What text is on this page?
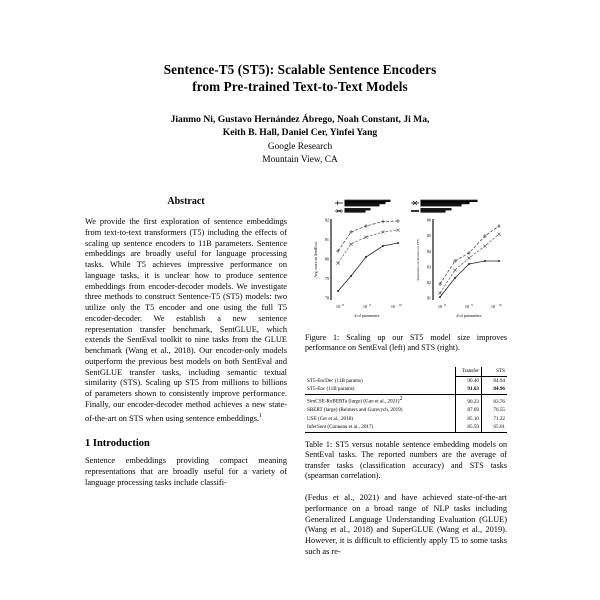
Sentence-T5 (ST5): Scalable Sentence Encoders
from Pre-trained Text-to-Text Models
Jianmo Ni, Gustavo Hernández Ábrego, Noah Constant, Ji Ma,
Keith B. Hall, Daniel Cer, Yinfei Yang
Google Research
Mountain View, CA
Abstract

We provide the first exploration of sentence embeddings from text-to-text transformers (T5) including the effects of scaling up sentence encoders to 11B parameters. Sentence embeddings are broadly useful for language processing tasks. While T5 achieves impressive performance on language tasks, it is unclear how to produce sentence embeddings from encoder-decoder models. We investigate three methods to construct Sentence-T5 (ST5) models: two utilize only the T5 encoder and one using the full T5 encoder-decoder. We establish a new sentence representation transfer benchmark, SentGLUE, which extends the SentEval toolkit to nine tasks from the GLUE benchmark (Wang et al., 2018). Our encoder-only models outperform the previous best models on both SentEval and SentGLUE transfer tasks, including semantic textual similarity (STS). Scaling up ST5 from millions to billions of parameters shown to consistently improve performance. Finally, our encoder-decoder method achieves a new state-of-the-art on STS when using sentence embeddings.$^1$

1 Introduction

Sentence embeddings providing compact meaning representations that are broadly useful for a variety of language processing tasks include classifi-

82
81
80
79
78
Avg. score on SentEval
10 8	10 9	10 10
# of parameters
86
85
84
83
82
81
Spearman correlation on STS
10 8	10 9	10 10
# of parameters
Figure 1: Scaling up our ST5 model size improves performance on SentEval (left) and STS (right).
	Transfer	STS
ST5-EncDec (11B params)	90.46	84.94
ST5-Enc (11B params)	91.63	84.96
SimCSE-RoBERTa (large) (Gao et al., 2021)2	90.23	83.76
SBERT (large) (Reimers and Gurevych, 2019)	87.69	76.55
USE (Cer et al., 2018)	85.10	71.22
InferSent (Conneau et al., 2017)	85.59	65.01
Table 1: ST5 versus notable sentence embedding models on SentEval tasks. The reported numbers are the average of transfer tasks (classification accuracy) and STS tasks (spearman correlation).

(Fedus et al., 2021) and have achieved state-of-the-art performance on a broad range of NLP tasks including Generalized Language Understanding Evaluation (GLUE) (Wang et al., 2018) and SuperGLUE (Wang et al., 2019). However, it is difficult to efficiently apply T5 to some tasks such as re-
